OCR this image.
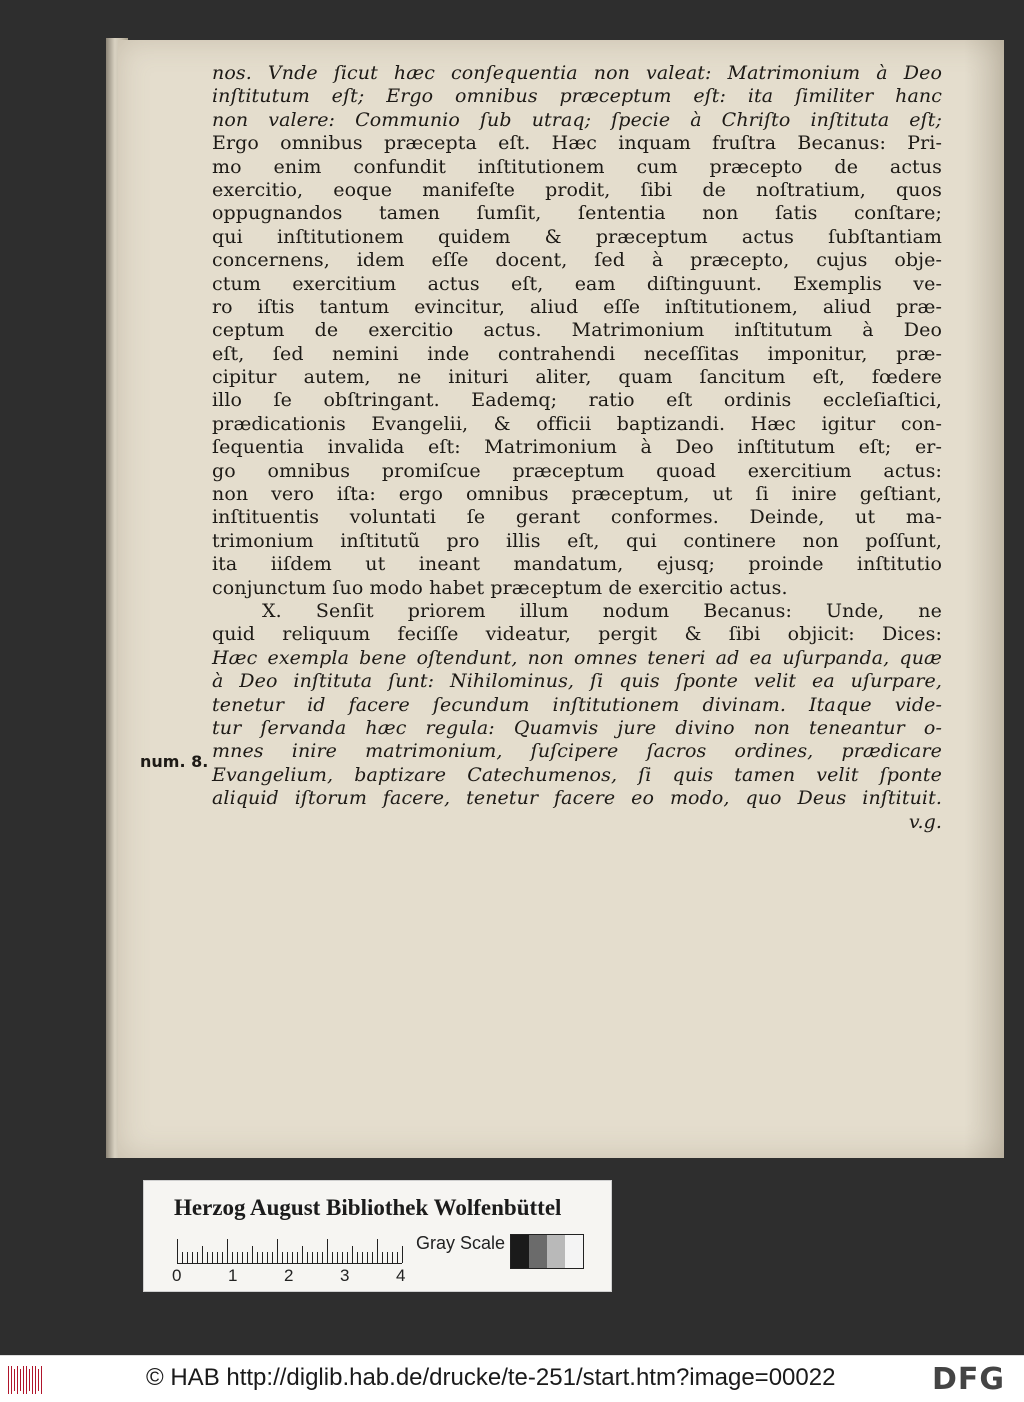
num. 8.
nos. Vnde ſicut hæc conſequentia non valeat: Matrimonium à Deo
inſtitutum eſt; Ergo omnibus præceptum eſt: ita ſimiliter hanc
non valere: Communio ſub utraq; ſpecie à Chriſto inſtituta eſt;
Ergo omnibus præcepta eſt. Hæc inquam fruſtra Becanus: Pri-
mo enim confundit inſtitutionem cum præcepto de actus
exercitio, eoque manifeſte prodit, ſibi de noſtratium, quos
oppugnandos tamen ſumſit, ſententia non ſatis conſtare;
qui inſtitutionem quidem & præceptum actus ſubſtantiam
concernens, idem eſſe docent, ſed à præcepto, cujus obje-
ctum exercitium actus eſt, eam diſtinguunt. Exemplis ve-
ro iſtis tantum evincitur, aliud eſſe inſtitutionem, aliud præ-
ceptum de exercitio actus. Matrimonium inſtitutum à Deo
eſt, ſed nemini inde contrahendi neceſſitas imponitur, præ-
cipitur autem, ne inituri aliter, quam ſancitum eſt, fœdere
illo ſe obſtringant. Eademq; ratio eſt ordinis eccleſiaſtici,
prædicationis Evangelii, & officii baptizandi. Hæc igitur con-
ſequentia invalida eſt: Matrimonium à Deo inſtitutum eſt; er-
go omnibus promiſcue præceptum quoad exercitium actus:
non vero iſta: ergo omnibus præceptum, ut ſi inire geſtiant,
inſtituentis voluntati ſe gerant conformes. Deinde, ut ma-
trimonium inſtitutũ pro illis eſt, qui continere non poſſunt,
ita iiſdem ut ineant mandatum, ejusq; proinde inſtitutio
conjunctum ſuo modo habet præceptum de exercitio actus.
X. Senſit priorem illum nodum Becanus: Unde, ne
quid reliquum feciſſe videatur, pergit & ſibi objicit: Dices:
Hæc exempla bene oſtendunt, non omnes teneri ad ea uſurpanda, quæ
à Deo inſtituta ſunt: Nihilominus, ſi quis ſponte velit ea uſurpare,
tenetur id facere ſecundum inſtitutionem divinam. Itaque vide-
tur ſervanda hæc regula: Quamvis jure divino non teneantur o-
mnes inire matrimonium, ſuſcipere ſacros ordines, prædicare
Evangelium, baptizare Catechumenos, ſi quis tamen velit ſponte
aliquid iſtorum facere, tenetur facere eo modo, quo Deus inſtituit.
v.g.
Herzog August Bibliothek Wolfenbüttel
0	1	2	3	4
Gray Scale
© HAB http://diglib.hab.de/drucke/te-251/start.htm?image=00022	DFG
